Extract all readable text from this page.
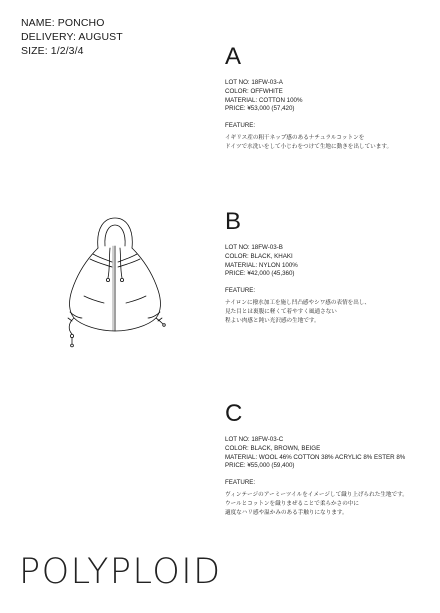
NAME: PONCHO
DELIVERY: AUGUST
SIZE: 1/2/3/4	A
LOT NO: 18FW-03-A
COLOR: OFFWHITE
MATERIAL: COTTON 100%
PRICE: ¥53,000 (57,420)
FEATURE:
イギリス産の粗干ネップ感のあるナチュラルコットンを
ドイツで水洗いをして小じわをつけて生地に動きを出しています。
B
LOT NO: 18FW-03-B
COLOR: BLACK, KHAKI
MATERIAL: NYLON 100%
PRICE: ¥42,000 (45,360)
FEATURE:
ナイロンに撥水加工を施し凹凸感やシワ感の表情を出し、
見た目とは裏腹に軽くて着やすく風通さない
程よい肉感と鈍い光沢感の生地です。
C
LOT NO: 18FW-03-C
COLOR: BLACK, BROWN, BEIGE
MATERIAL: WOOL 46% COTTON 38% ACRYLIC 8% ESTER 8%
PRICE: ¥55,000 (59,400)
FEATURE:
ヴィンテージのアーミーツイルをイメージして織り上げられた生地です。
ウールとコットンを織りまぜることで柔らかさの中に
適度なハリ感や温かみのある手触りになります。
POLYPLOID
